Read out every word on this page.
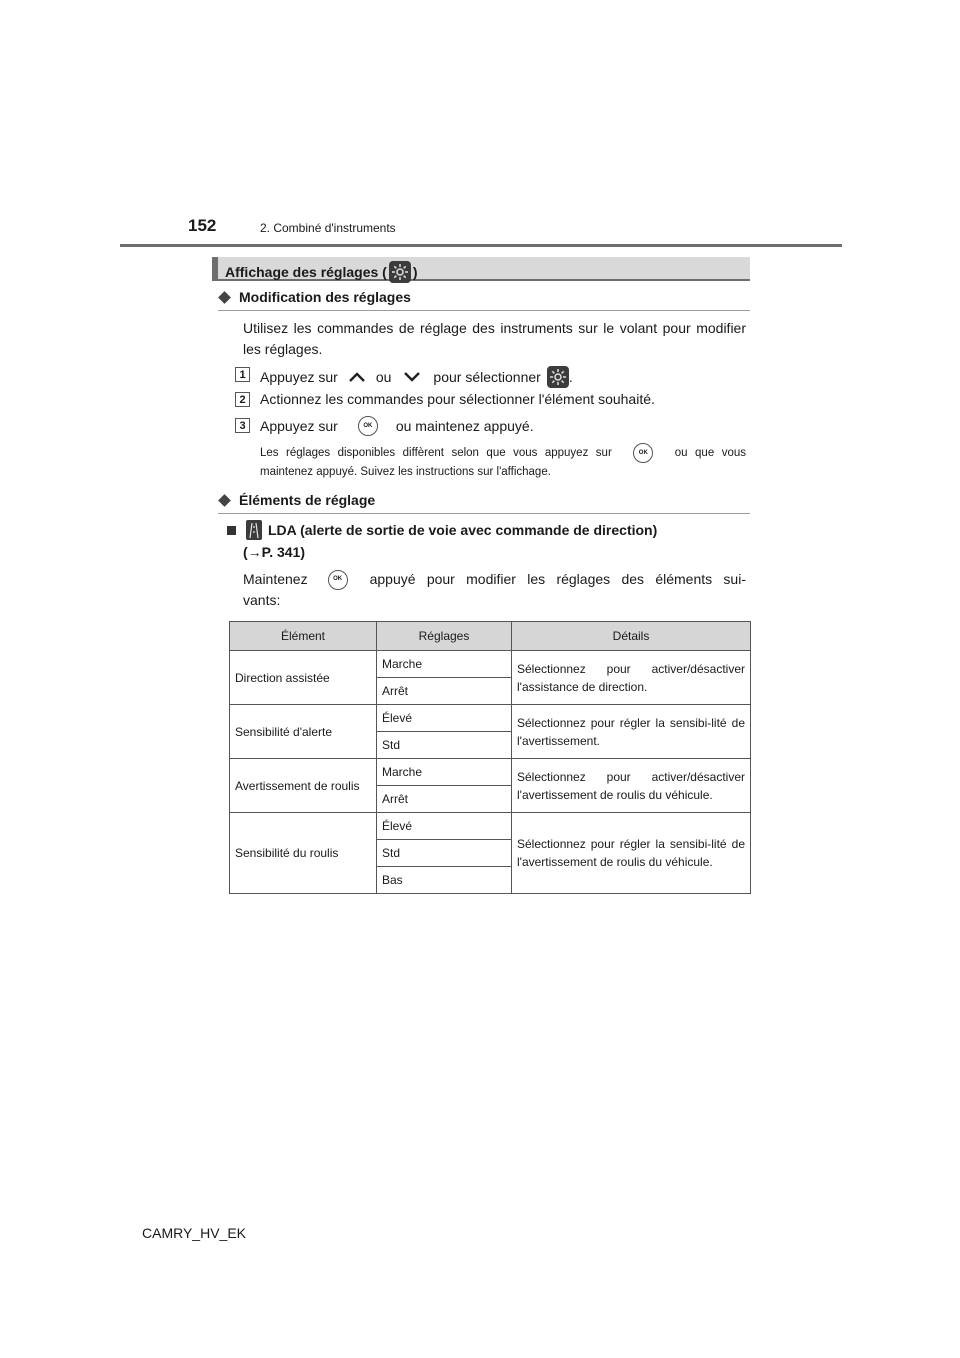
152	2. Combiné d'instruments
Affichage des réglages ( )
Modification des réglages
Utilisez les commandes de réglage des instruments sur le volant pour modifier les réglages.
1	Appuyez sur	ou	pour sélectionner .
2	Actionnez les commandes pour sélectionner l'élément souhaité.
3	Appuyez sur	OK	ou maintenez appuyé.
Les réglages disponibles diffèrent selon que vous appuyez sur	OK ou que vous maintenez appuyé. Suivez les instructions sur l'affichage.
Éléments de réglage
LDA (alerte de sortie de voie avec commande de direction)
(→P. 341)
Maintenez	OK	appuyé pour modifier les réglages des éléments sui-
vants:
Élément	Réglages	Détails
Direction assistée	Marche	Sélectionnez pour activer/désactiver l'assistance de direction.
	Arrêt	
Sensibilité d'alerte	Élevé	Sélectionnez pour régler la sensibi-lité de l'avertissement.
	Std	
Avertissement de roulis	Marche	Sélectionnez pour activer/désactiver l'avertissement de roulis du véhicule.
	Arrêt	
Sensibilité du roulis	Élevé	Sélectionnez pour régler la sensibi-lité de l'avertissement de roulis du véhicule.
	Std	
	Bas	
CAMRY_HV_EK
